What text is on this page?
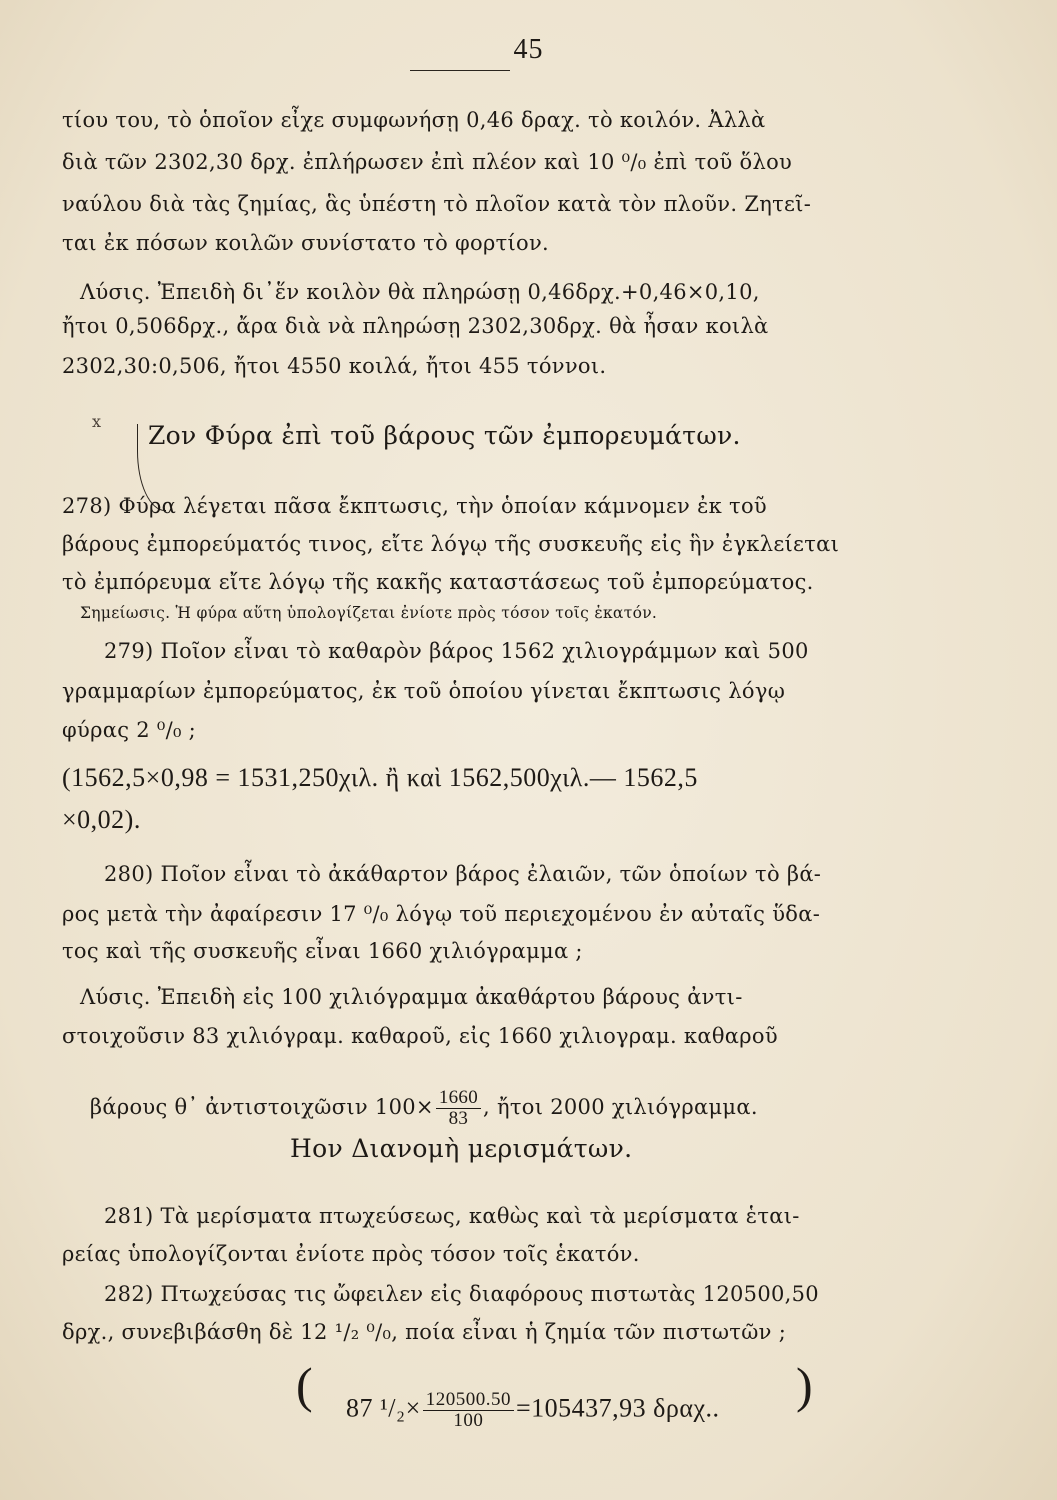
45
τίου του, τὸ ὁποῖον εἶχε συμφωνήσῃ 0,46 δραχ. τὸ κοιλόν. Ἀλλὰ
διὰ τῶν 2302,30 δρχ. ἐπλήρωσεν ἐπὶ πλέον καὶ 10 ⁰/₀ ἐπὶ τοῦ ὅλου
ναύλου διὰ τὰς ζημίας, ἃς ὑπέστη τὸ πλοῖον κατὰ τὸν πλοῦν. Ζητεῖ-
ται ἐκ πόσων κοιλῶν συνίστατο τὸ φορτίον.
Λύσις. Ἐπειδὴ δι᾽ἕν κοιλὸν θὰ πληρώσῃ 0,46δρχ.+0,46×0,10,
ἤτοι 0,506δρχ., ἄρα διὰ νὰ πληρώσῃ 2302,30δρχ. θὰ ἦσαν κοιλὰ
2302,30:0,506, ἤτοι 4550 κοιλά, ἤτοι 455 τόννοι.
x Ζον Φύρα ἐπὶ τοῦ βάρους τῶν ἐμπορευμάτων.
278) Φύρα λέγεται πᾶσα ἔκπτωσις, τὴν ὁποίαν κάμνομεν ἐκ τοῦ
βάρους ἐμπορεύματός τινος, εἴτε λόγῳ τῆς συσκευῆς εἰς ἣν ἐγκλείεται
τὸ ἐμπόρευμα εἴτε λόγῳ τῆς κακῆς καταστάσεως τοῦ ἐμπορεύματος.
Σημείωσις. Ἡ φύρα αὕτη ὑπολογίζεται ἐνίοτε πρὸς τόσον τοῖς ἑκατόν.
279) Ποῖον εἶναι τὸ καθαρὸν βάρος 1562 χιλιογράμμων καὶ 500
γραμμαρίων ἐμπορεύματος, ἐκ τοῦ ὁποίου γίνεται ἔκπτωσις λόγῳ
φύρας 2 ⁰/₀ ;
(1562,5×0,98 = 1531,250χιλ. ἢ καὶ 1562,500χιλ.— 1562,5
×0,02).
280) Ποῖον εἶναι τὸ ἀκάθαρτον βάρος ἐλαιῶν, τῶν ὁποίων τὸ βά-
ρος μετὰ τὴν ἀφαίρεσιν 17 ⁰/₀ λόγῳ τοῦ περιεχομένου ἐν αὐταῖς ὕδα-
τος καὶ τῆς συσκευῆς εἶναι 1660 χιλιόγραμμα ;
Λύσις. Ἐπειδὴ εἰς 100 χιλιόγραμμα ἀκαθάρτου βάρους ἀντι-
στοιχοῦσιν 83 χιλιόγραμ. καθαροῦ, εἰς 1660 χιλιογραμ. καθαροῦ

βάρους θ᾽ ἀντιστοιχῶσιν $100\times \frac{1660}{83}$ , ἤτοι 2000 χιλιόγραμμα.

Ηον Διανομὴ μερισμάτων.
281) Τὰ μερίσματα πτωχεύσεως, καθὼς καὶ τὰ μερίσματα ἑται-
ρείας ὑπολογίζονται ἐνίοτε πρὸς τόσον τοῖς ἑκατόν.
282) Πτωχεύσας τις ὤφειλεν εἰς διαφόρους πιστωτὰς 120500,50
δρχ., συνεβιβάσθη δὲ 12 ¹/₂ ⁰/₀, ποία εἶναι ἡ ζημία τῶν πιστωτῶν ;
(	87 $^1/_2\times \frac{120500.50}{100} =105437,93$ δραχ..
)
